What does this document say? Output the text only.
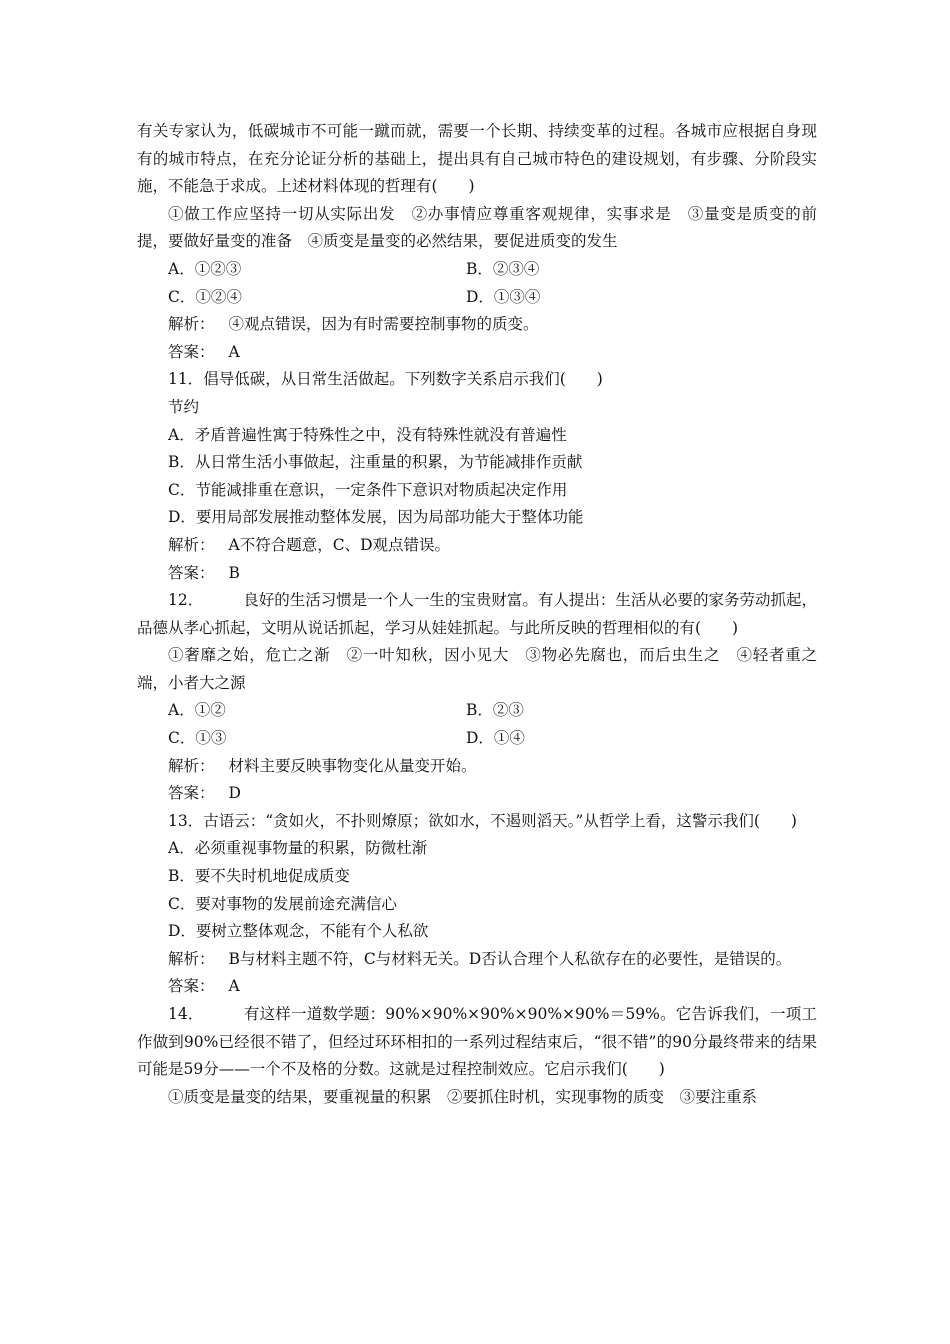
有关专家认为，低碳城市不可能一蹴而就，需要一个长期、持续变革的过程。各城市应根据自身现有的城市特点，在充分论证分析的基础上，提出具有自己城市特色的建设规划，有步骤、分阶段实施，不能急于求成。上述材料体现的哲理有(　　)

①做工作应坚持一切从实际出发　②办事情应尊重客观规律，实事求是　③量变是质变的前提，要做好量变的准备　④质变是量变的必然结果，要促进质变的发生

A．①②③	B．②③④
C．①②④	D．①③④

解析： ④观点错误，因为有时需要控制事物的质变。

答案： A

11．倡导低碳，从日常生活做起。下列数字关系启示我们(　　)

节约

A．矛盾普遍性寓于特殊性之中，没有特殊性就没有普遍性

B．从日常生活小事做起，注重量的积累，为节能减排作贡献

C．节能减排重在意识，一定条件下意识对物质起决定作用

D．要用局部发展推动整体发展，因为局部功能大于整体功能

解析： A不符合题意，C、D观点错误。

答案： B

12．	良好的生活习惯是一个人一生的宝贵财富。有人提出：生活从必要的家务劳动抓起，品德从孝心抓起，文明从说话抓起，学习从娃娃抓起。与此所反映的哲理相似的有(　　)

①奢靡之始，危亡之渐　②一叶知秋，因小见大　③物必先腐也，而后虫生之　④轻者重之端，小者大之源

A．①②	B．②③
C．①③	D．①④

解析： 材料主要反映事物变化从量变开始。

答案： D

13．古语云：“贪如火，不扑则燎原；欲如水，不遏则滔天。”从哲学上看，这警示我们(　　)

A．必须重视事物量的积累，防微杜渐

B．要不失时机地促成质变

C．要对事物的发展前途充满信心

D．要树立整体观念，不能有个人私欲

解析： B与材料主题不符，C与材料无关。D否认合理个人私欲存在的必要性，是错误的。

答案： A

14．	有这样一道数学题：90%×90%×90%×90%×90%＝59%。它告诉我们，一项工作做到90%已经很不错了，但经过环环相扣的一系列过程结束后，“很不错”的90分最终带来的结果可能是59分——一个不及格的分数。这就是过程控制效应。它启示我们(　　)

①质变是量变的结果，要重视量的积累　②要抓住时机，实现事物的质变　③要注重系
